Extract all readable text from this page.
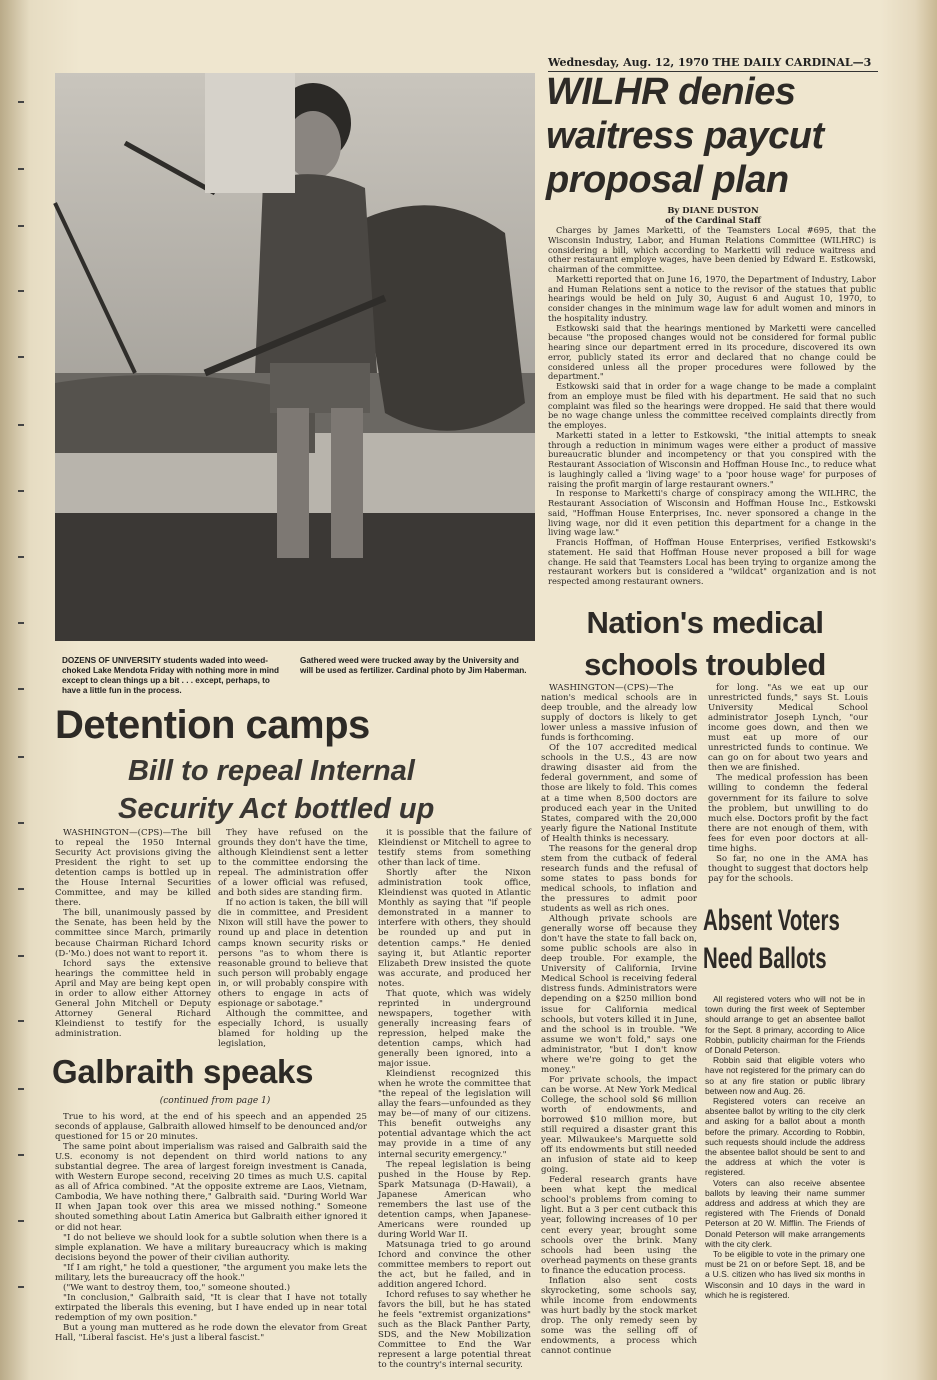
Wednesday, Aug. 12, 1970 THE DAILY CARDINAL—3
DOZENS OF UNIVERSITY students waded into weed-choked Lake Mendota Friday with nothing more in mind except to clean things up a bit . . . except, perhaps, to have a little fun in the process.
Gathered weed were trucked away by the University and will be used as fertilizer. Cardinal photo by Jim Haberman.
WILHR denies
waitress paycut
proposal plan
By DIANE DUSTON
of the Cardinal Staff

Charges by James Marketti, of the Teamsters Local #695, that the Wisconsin Industry, Labor, and Human Relations Committee (WILHRC) is considering a bill, which according to Marketti will reduce waitress and other restaurant employe wages, have been denied by Edward E. Estkowski, chairman of the committee.

Marketti reported that on June 16, 1970, the Department of Industry, Labor and Human Relations sent a notice to the revisor of the statues that public hearings would be held on July 30, August 6 and August 10, 1970, to consider changes in the minimum wage law for adult women and minors in the hospitality industry.

Estkowski said that the hearings mentioned by Marketti were cancelled because "the proposed changes would not be considered for formal public hearing since our department erred in its procedure, discovered its own error, publicly stated its error and declared that no change could be considered unless all the proper procedures were followed by the department."

Estkowski said that in order for a wage change to be made a complaint from an employe must be filed with his department. He said that no such complaint was filed so the hearings were dropped. He said that there would be no wage change unless the committee received complaints directly from the employes.

Marketti stated in a letter to Estkowski, "the initial attempts to sneak through a reduction in minimum wages were either a product of massive bureaucratic blunder and incompetency or that you conspired with the Restaurant Association of Wisconsin and Hoffman House Inc., to reduce what is laughingly called a 'living wage' to a 'poor house wage' for purposes of raising the profit margin of large restaurant owners."

In response to Marketti's charge of conspiracy among the WILHRC, the Restaurant Association of Wisconsin and Hoffman House Inc., Estkowski said, "Hoffman House Enterprises, Inc. never sponsored a change in the living wage, nor did it even petition this department for a change in the living wage law."

Francis Hoffman, of Hoffman House Enterprises, verified Estkowski's statement. He said that Hoffman House never proposed a bill for wage change. He said that Teamsters Local has been trying to organize among the restaurant workers but is considered a "wildcat" organization and is not respected among restaurant owners.

Nation's medical
schools troubled

WASHINGTON—(CPS)—The nation's medical schools are in deep trouble, and the already low supply of doctors is likely to get lower unless a massive infusion of funds is forthcoming.

Of the 107 accredited medical schools in the U.S., 43 are now drawing disaster aid from the federal government, and some of those are likely to fold. This comes at a time when 8,500 doctors are produced each year in the United States, compared with the 20,000 yearly figure the National Institute of Health thinks is necessary.

The reasons for the general drop stem from the cutback of federal research funds and the refusal of some states to pass bonds for medical schools, to inflation and the pressures to admit poor students as well as rich ones.

Although private schools are generally worse off because they don't have the state to fall back on, some public schools are also in deep trouble. For example, the University of California, Irvine Medical School is receiving federal distress funds. Administrators were depending on a $250 million bond issue for California medical schools, but voters killed it in June, and the school is in trouble. "We assume we won't fold," says one administrator, "but I don't know where we're going to get the money."

For private schools, the impact can be worse. At New York Medical College, the school sold $6 million worth of endowments, and borrowed $10 million more, but still required a disaster grant this year. Milwaukee's Marquette sold off its endowments but still needed an infusion of state aid to keep going.

Federal research grants have been what kept the medical school's problems from coming to light. But a 3 per cent cutback this year, following increases of 10 per cent every year, brought some schools over the brink. Many schools had been using the overhead payments on these grants to finance the education process.

Inflation also sent costs skyrocketing, some schools say, while income from endowments was hurt badly by the stock market drop. The only remedy seen by some was the selling off of endowments, a process which cannot continue

for long. "As we eat up our unrestricted funds," says St. Louis University Medical School administrator Joseph Lynch, "our income goes down, and then we must eat up more of our unrestricted funds to continue. We can go on for about two years and then we are finished.

The medical profession has been willing to condemn the federal government for its failure to solve the problem, but unwilling to do much else. Doctors profit by the fact there are not enough of them, with fees for even poor doctors at all-time highs.

So far, no one in the AMA has thought to suggest that doctors help pay for the schools.

Absent Voters
Need Ballots

All registered voters who will not be in town during the first week of September should arrange to get an absentee ballot for the Sept. 8 primary, according to Alice Robbin, publicity chairman for the Friends of Donald Peterson.

Robbin said that eligible voters who have not registered for the primary can do so at any fire station or public library between now and Aug. 26.

Registered voters can receive an absentee ballot by writing to the city clerk and asking for a ballot about a month before the primary. According to Robbin, such requests should include the address the absentee ballot should be sent to and the address at which the voter is registered.

Voters can also receive absentee ballots by leaving their name summer address and address at which they are registered with The Friends of Donald Peterson at 20 W. Mifflin. The Friends of Donald Peterson will make arrangements with the city clerk.

To be eligible to vote in the primary one must be 21 on or before Sept. 18, and be a U.S. citizen who has lived six months in Wisconsin and 10 days in the ward in which he is registered.

Detention camps
Bill to repeal Internal
Security Act bottled up

WASHINGTON—(CPS)—The bill to repeal the 1950 Internal Security Act provisions giving the President the right to set up detention camps is bottled up in the House Internal Securities Committee, and may be killed there.

The bill, unanimously passed by the Senate, has been held by the committee since March, primarily because Chairman Richard Ichord (D-'Mo.) does not want to report it.

Ichord says the extensive hearings the committee held in April and May are being kept open in order to allow either Attorney General John Mitchell or Deputy Attorney General Richard Kleindienst to testify for the administration.

They have refused on the grounds they don't have the time, although Kleindienst sent a letter to the committee endorsing the repeal. The administration offer of a lower official was refused, and both sides are standing firm.

If no action is taken, the bill will die in committee, and President Nixon will still have the power to round up and place in detention camps known security risks or persons "as to whom there is reasonable ground to believe that such person will probably engage in, or will probably conspire with others to engage in acts of espionage or sabotage."

Although the committee, and especially Ichord, is usually blamed for holding up the legislation,

it is possible that the failure of Kleindienst or Mitchell to agree to testify stems from something other than lack of time.

Shortly after the Nixon administration took office, Kleindienst was quoted in Atlantic Monthly as saying that "if people demonstrated in a manner to interfere with others, they should be rounded up and put in detention camps." He denied saying it, but Atlantic reporter Elizabeth Drew insisted the quote was accurate, and produced her notes.

That quote, which was widely reprinted in underground newspapers, together with generally increasing fears of repression, helped make the detention camps, which had generally been ignored, into a major issue.

Kleindienst recognized this when he wrote the committee that "the repeal of the legislation will allay the fears—unfounded as they may be—of many of our citizens. This benefit outweighs any potential advantage which the act may provide in a time of any internal security emergency."

The repeal legislation is being pushed in the House by Rep. Spark Matsunaga (D-Hawaii), a Japanese American who remembers the last use of the detention camps, when Japanese-Americans were rounded up during World War II.

Matsunaga tried to go around Ichord and convince the other committee members to report out the act, but he failed, and in addition angered Ichord.

Ichord refuses to say whether he favors the bill, but he has stated he feels "extremist organizations" such as the Black Panther Party, SDS, and the New Mobilization Committee to End the War represent a large potential threat to the country's internal security.

Galbraith speaks
(continued from page 1)

True to his word, at the end of his speech and an appended 25 seconds of applause, Galbraith allowed himself to be denounced and/or questioned for 15 or 20 minutes.

The same point about imperialism was raised and Galbraith said the U.S. economy is not dependent on third world nations to any substantial degree. The area of largest foreign investment is Canada, with Western Europe second, receiving 20 times as much U.S. capital as all of Africa combined. "At the opposite extreme are Laos, Vietnam, Cambodia, We have nothing there," Galbraith said. "During World War II when Japan took over this area we missed nothing." Someone shouted something about Latin America but Galbraith either ignored it or did not hear.

"I do not believe we should look for a subtle solution when there is a simple explanation. We have a military bureaucracy which is making decisions beyond the power of their civilian authority.

"If I am right," he told a questioner, "the argument you make lets the military, lets the bureaucracy off the hook."

("We want to destroy them, too," someone shouted.)

"In conclusion," Galbraith said, "It is clear that I have not totally extirpated the liberals this evening, but I have ended up in near total redemption of my own position."

But a young man muttered as he rode down the elevator from Great Hall, "Liberal fascist. He's just a liberal fascist."
